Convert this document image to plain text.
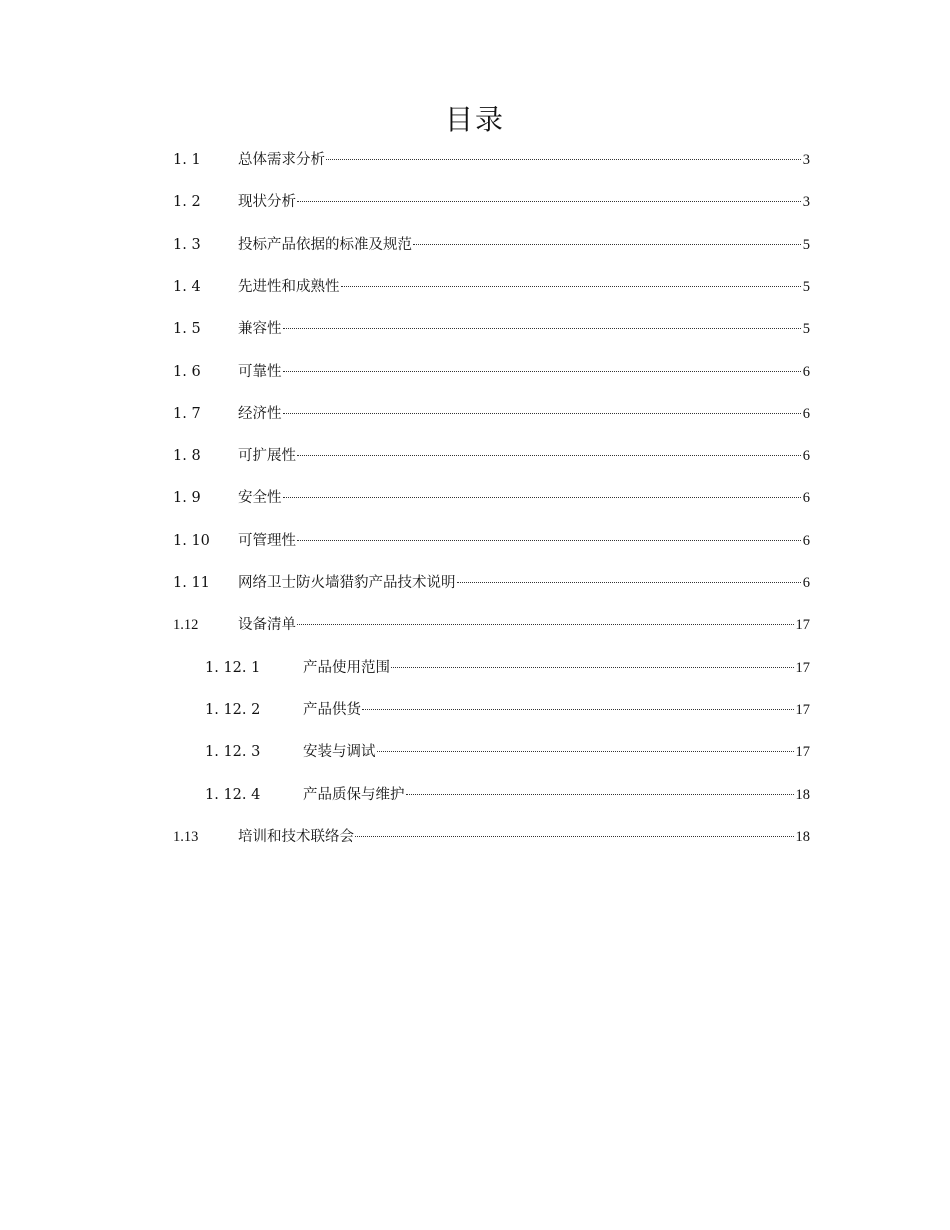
目录
1. 1	总体需求分析	3
1. 2	现状分析	3
1. 3	投标产品依据的标准及规范	5
1. 4	先进性和成熟性	5
1. 5	兼容性	5
1. 6	可靠性	6
1. 7	经济性	6
1. 8	可扩展性	6
1. 9	安全性	6
1. 10	可管理性	6
1. 11	网络卫士防火墙猎豹产品技术说明	6
1.12	设备清单	17
1. 12. 1	产品使用范围	17
1. 12. 2	产品供货	17
1. 12. 3	安装与调试	17
1. 12. 4	产品质保与维护	18
1.13	培训和技术联络会	18
